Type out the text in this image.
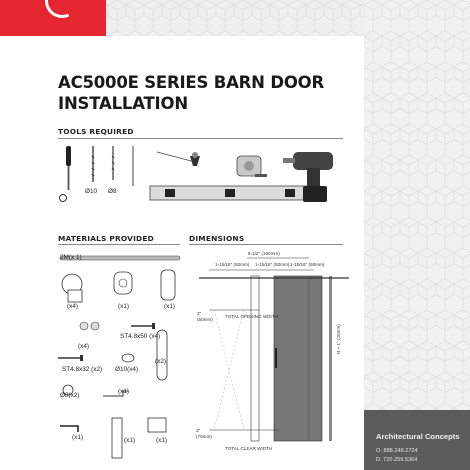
AC5000E SERIES BARN DOOR
INSTALLATION
TOOLS REQUIRED
Ø10 Ø8
MATERIALS PROVIDED
2M(x 1)
(x4)	(x1)	(x1)
ST4.8x50 (x4)
(x4)
(x2)
ST4.8x32 (x2) Ø10(x4)
Ø8(x2)
(x1)
(x1)	(x1)	(x1)
DIMENSIONS
6-1/2" (160mm)
1-15/16" (50mm) 1-15/16" (50mm) 1-15/16" (50mm)
2"
(50mm)
TOTAL OPENING WIDTH
TOTAL CLEAR WIDTH
H + 1" (25mm)
3"
(76mm)	Architectural Concepts
O. 888.248.2724
D. 720.259.5364
